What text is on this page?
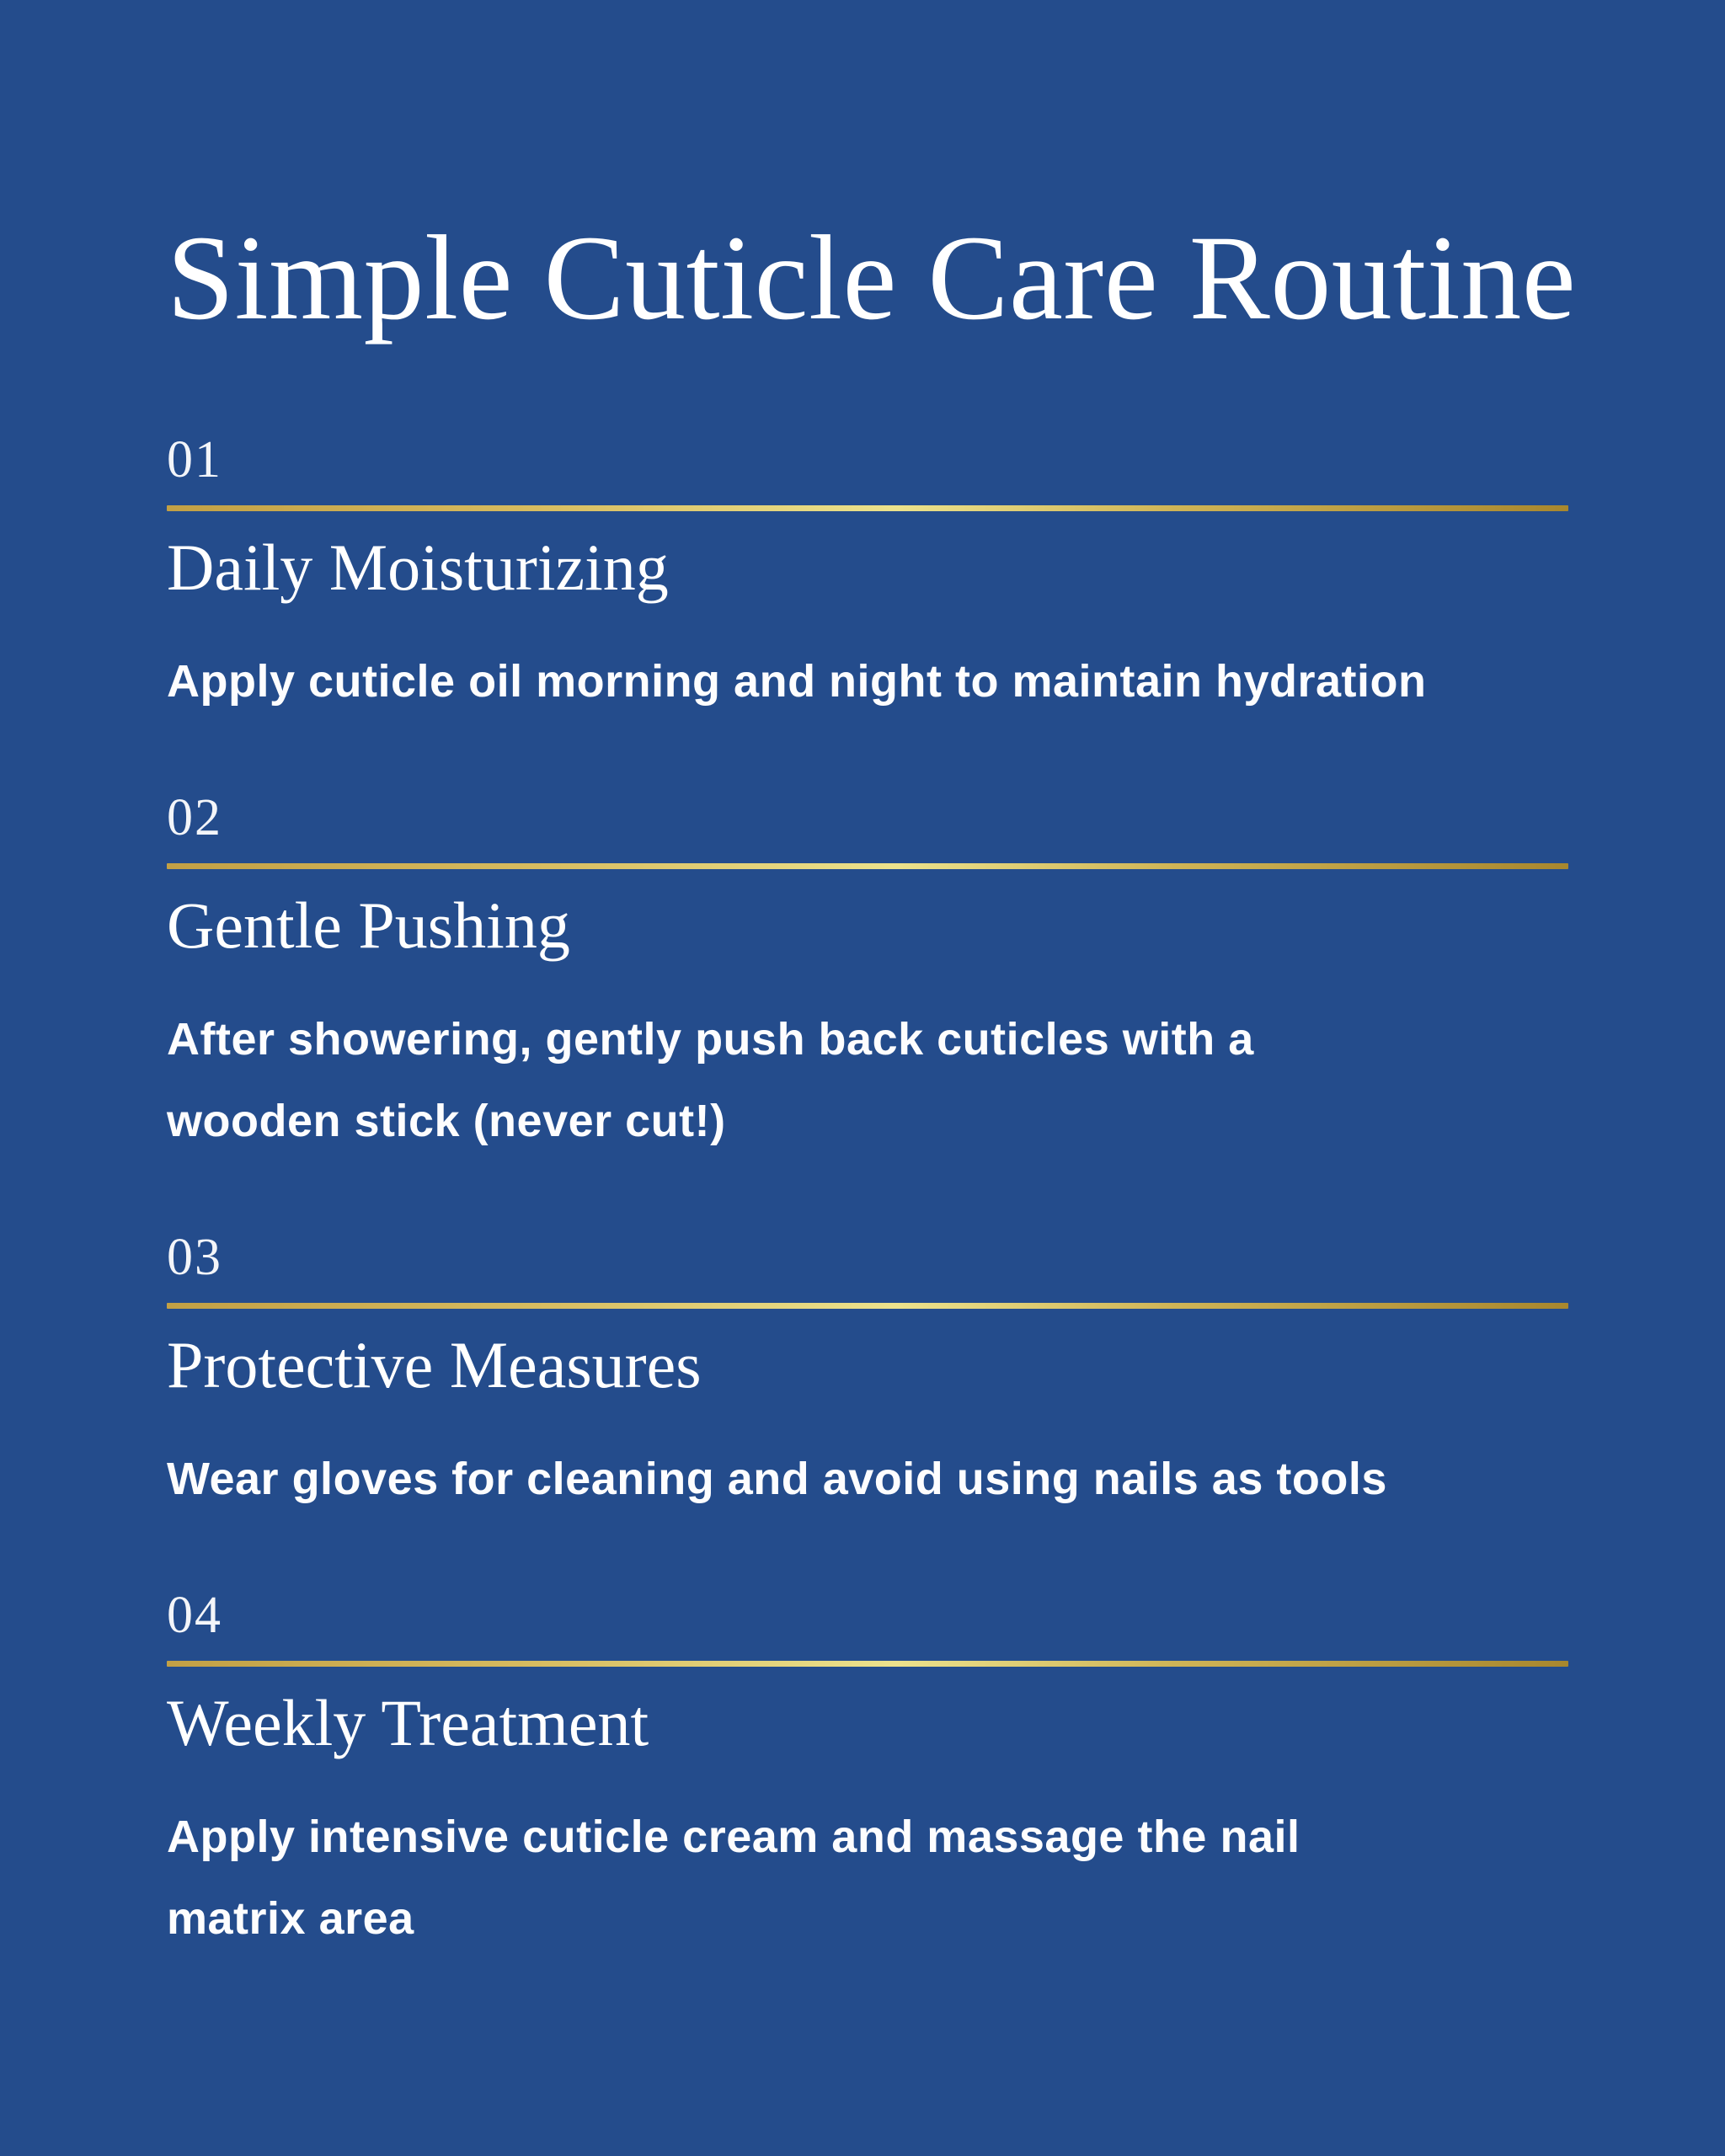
Simple Cuticle Care Routine
01
Daily Moisturizing

Apply cuticle oil morning and night to maintain hydration

02
Gentle Pushing

After showering, gently push back cuticles with a
wooden stick (never cut!)

03
Protective Measures

Wear gloves for cleaning and avoid using nails as tools

04
Weekly Treatment

Apply intensive cuticle cream and massage the nail
matrix area
